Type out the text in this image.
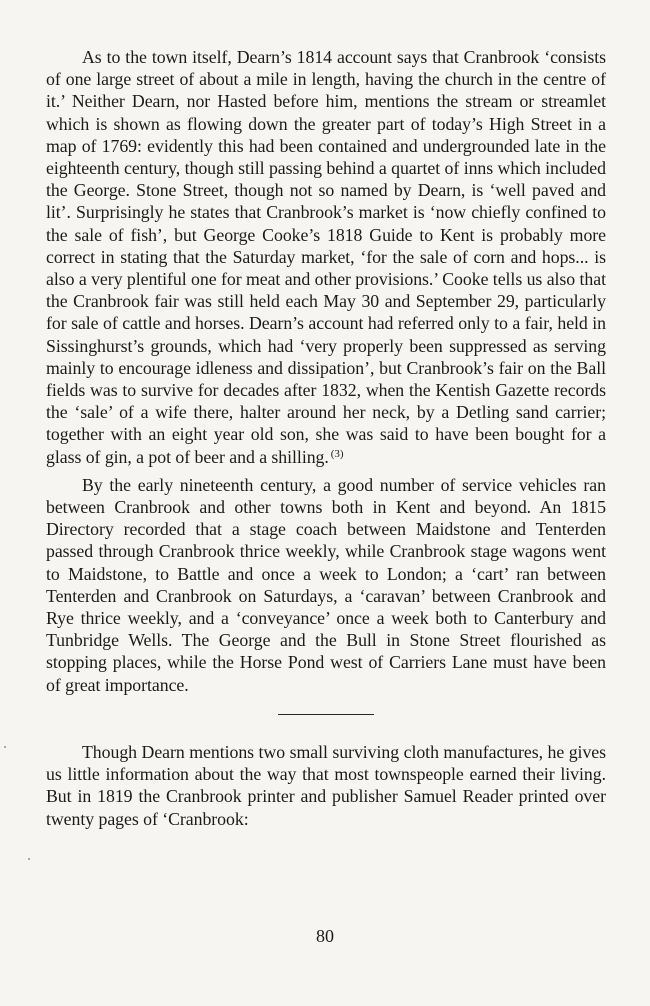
As to the town itself, Dearn’s 1814 account says that Cranbrook ‘consists of one large street of about a mile in length, having the church in the centre of it.’ Neither Dearn, nor Hasted before him, mentions the stream or streamlet which is shown as flowing down the greater part of today’s High Street in a map of 1769: evidently this had been contained and undergrounded late in the eighteenth century, though still passing behind a quartet of inns which included the George. Stone Street, though not so named by Dearn, is ‘well paved and lit’. Surprisingly he states that Cranbrook’s market is ‘now chiefly confined to the sale of fish’, but George Cooke’s 1818 Guide to Kent is probably more correct in stating that the Saturday market, ‘for the sale of corn and hops... is also a very plentiful one for meat and other provisions.’ Cooke tells us also that the Cranbrook fair was still held each May 30 and September 29, particularly for sale of cattle and horses. Dearn’s account had referred only to a fair, held in Sissinghurst’s grounds, which had ‘very properly been suppressed as serving mainly to encourage idleness and dissipation’, but Cranbrook’s fair on the Ball fields was to survive for decades after 1832, when the Kentish Gazette records the ‘sale’ of a wife there, halter around her neck, by a Detling sand carrier; together with an eight year old son, she was said to have been bought for a glass of gin, a pot of beer and a shilling. $^{(3)}$

By the early nineteenth century, a good number of service vehicles ran between Cranbrook and other towns both in Kent and beyond. An 1815 Directory recorded that a stage coach between Maidstone and Tenterden passed through Cranbrook thrice weekly, while Cranbrook stage wagons went to Maidstone, to Battle and once a week to London; a ‘cart’ ran between Tenterden and Cranbrook on Saturdays, a ‘caravan’ between Cranbrook and Rye thrice weekly, and a ‘conveyance’ once a week both to Canterbury and Tunbridge Wells. The George and the Bull in Stone Street flourished as stopping places, while the Horse Pond west of Carriers Lane must have been of great importance.

Though Dearn mentions two small surviving cloth manufactures, he gives us little information about the way that most townspeople earned their living. But in 1819 the Cranbrook printer and publisher Samuel Reader printed over twenty pages of ‘Cranbrook:

80
